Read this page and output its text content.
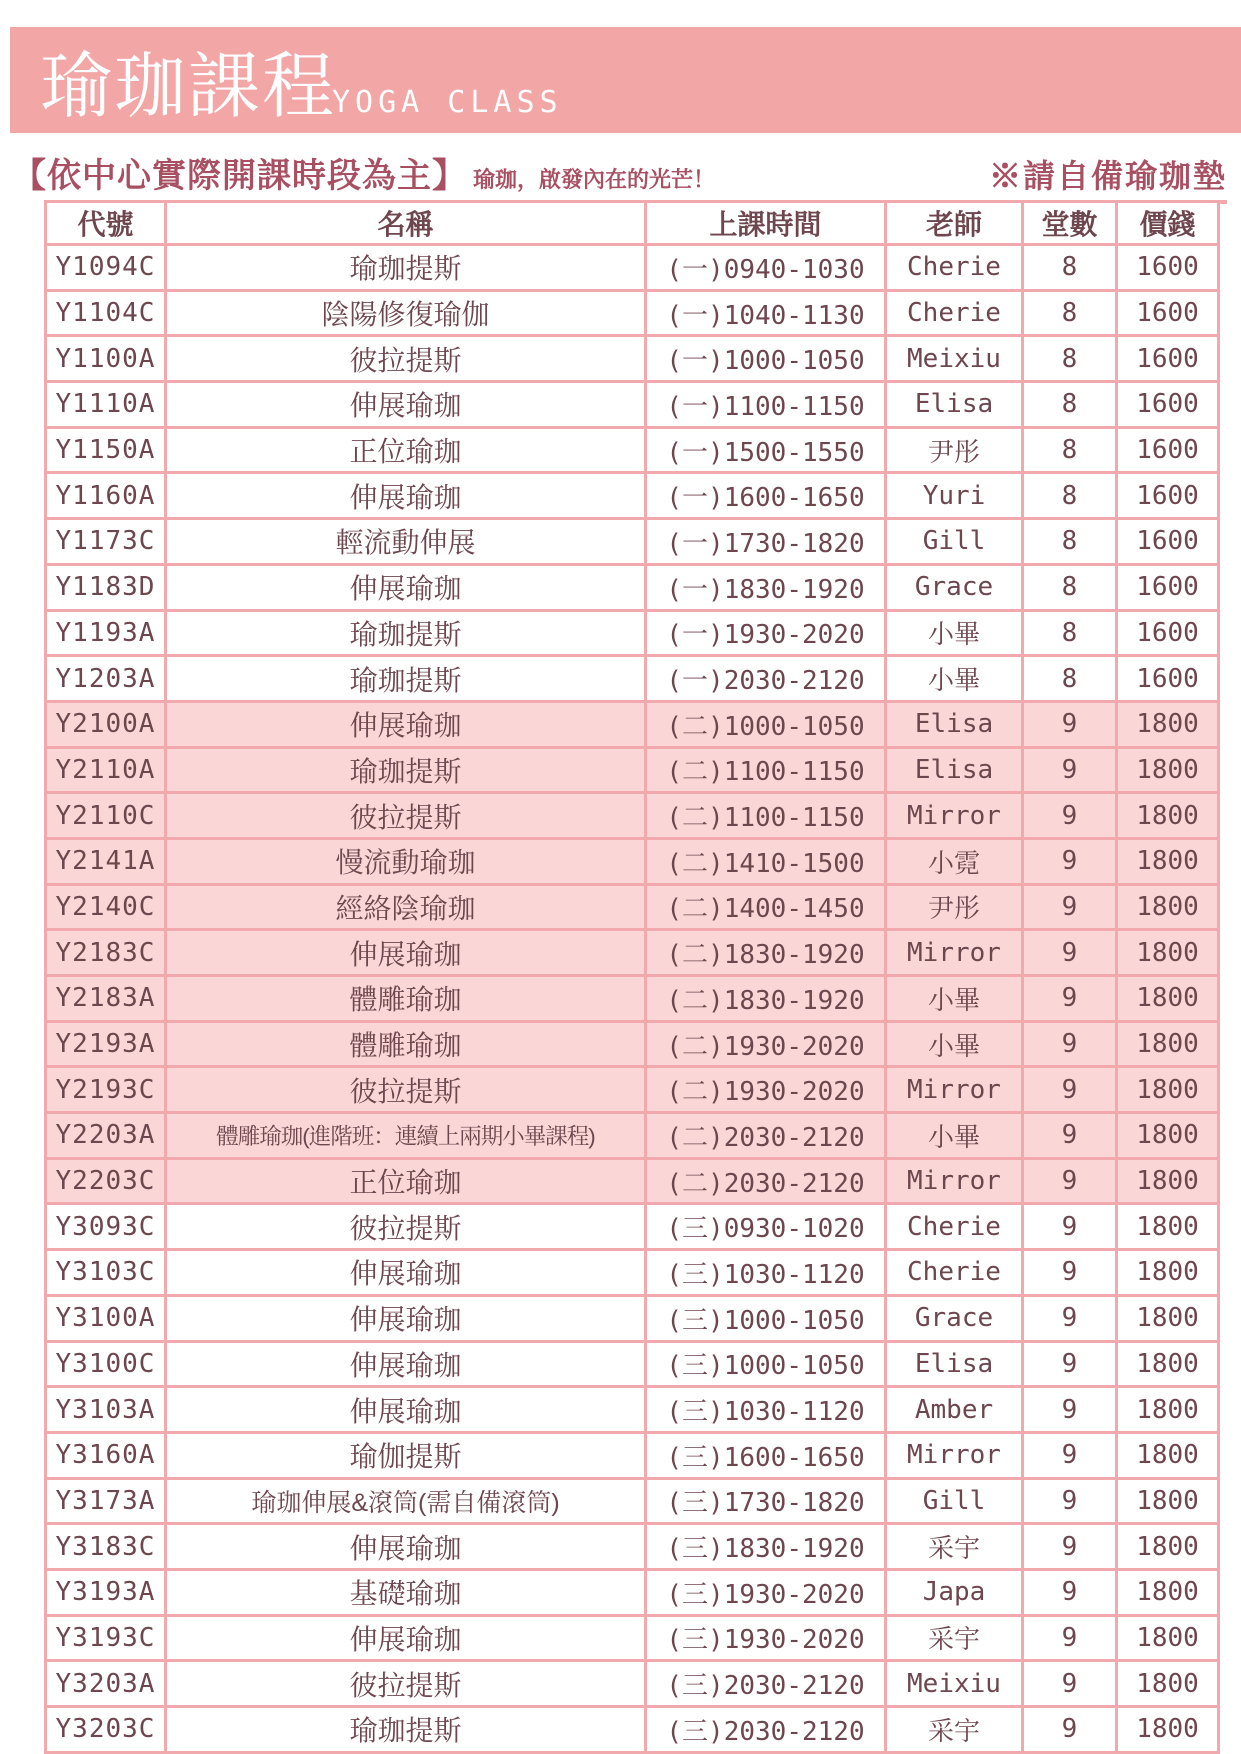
瑜珈課程
YOGA CLASS
【依中心實際開課時段為主】 瑜珈，啟發內在的光芒！	※請自備瑜珈墊
代號	名稱	上課時間	老師	堂數	價錢
Y1094C	瑜珈提斯	(一)0940-1030	Cherie	8	1600
Y1104C	陰陽修復瑜伽	(一)1040-1130	Cherie	8	1600
Y1100A	彼拉提斯	(一)1000-1050	Meixiu	8	1600
Y1110A	伸展瑜珈	(一)1100-1150	Elisa	8	1600
Y1150A	正位瑜珈	(一)1500-1550	尹彤	8	1600
Y1160A	伸展瑜珈	(一)1600-1650	Yuri	8	1600
Y1173C	輕流動伸展	(一)1730-1820	Gill	8	1600
Y1183D	伸展瑜珈	(一)1830-1920	Grace	8	1600
Y1193A	瑜珈提斯	(一)1930-2020	小畢	8	1600
Y1203A	瑜珈提斯	(一)2030-2120	小畢	8	1600
Y2100A	伸展瑜珈	(二)1000-1050	Elisa	9	1800
Y2110A	瑜珈提斯	(二)1100-1150	Elisa	9	1800
Y2110C	彼拉提斯	(二)1100-1150	Mirror	9	1800
Y2141A	慢流動瑜珈	(二)1410-1500	小霓	9	1800
Y2140C	經絡陰瑜珈	(二)1400-1450	尹彤	9	1800
Y2183C	伸展瑜珈	(二)1830-1920	Mirror	9	1800
Y2183A	體雕瑜珈	(二)1830-1920	小畢	9	1800
Y2193A	體雕瑜珈	(二)1930-2020	小畢	9	1800
Y2193C	彼拉提斯	(二)1930-2020	Mirror	9	1800
Y2203A	體雕瑜珈(進階班：連續上兩期小畢課程)	(二)2030-2120	小畢	9	1800
Y2203C	正位瑜珈	(二)2030-2120	Mirror	9	1800
Y3093C	彼拉提斯	(三)0930-1020	Cherie	9	1800
Y3103C	伸展瑜珈	(三)1030-1120	Cherie	9	1800
Y3100A	伸展瑜珈	(三)1000-1050	Grace	9	1800
Y3100C	伸展瑜珈	(三)1000-1050	Elisa	9	1800
Y3103A	伸展瑜珈	(三)1030-1120	Amber	9	1800
Y3160A	瑜伽提斯	(三)1600-1650	Mirror	9	1800
Y3173A	瑜珈伸展&滾筒(需自備滾筒)	(三)1730-1820	Gill	9	1800
Y3183C	伸展瑜珈	(三)1830-1920	采宇	9	1800
Y3193A	基礎瑜珈	(三)1930-2020	Japa	9	1800
Y3193C	伸展瑜珈	(三)1930-2020	采宇	9	1800
Y3203A	彼拉提斯	(三)2030-2120	Meixiu	9	1800
Y3203C	瑜珈提斯	(三)2030-2120	采宇	9	1800
